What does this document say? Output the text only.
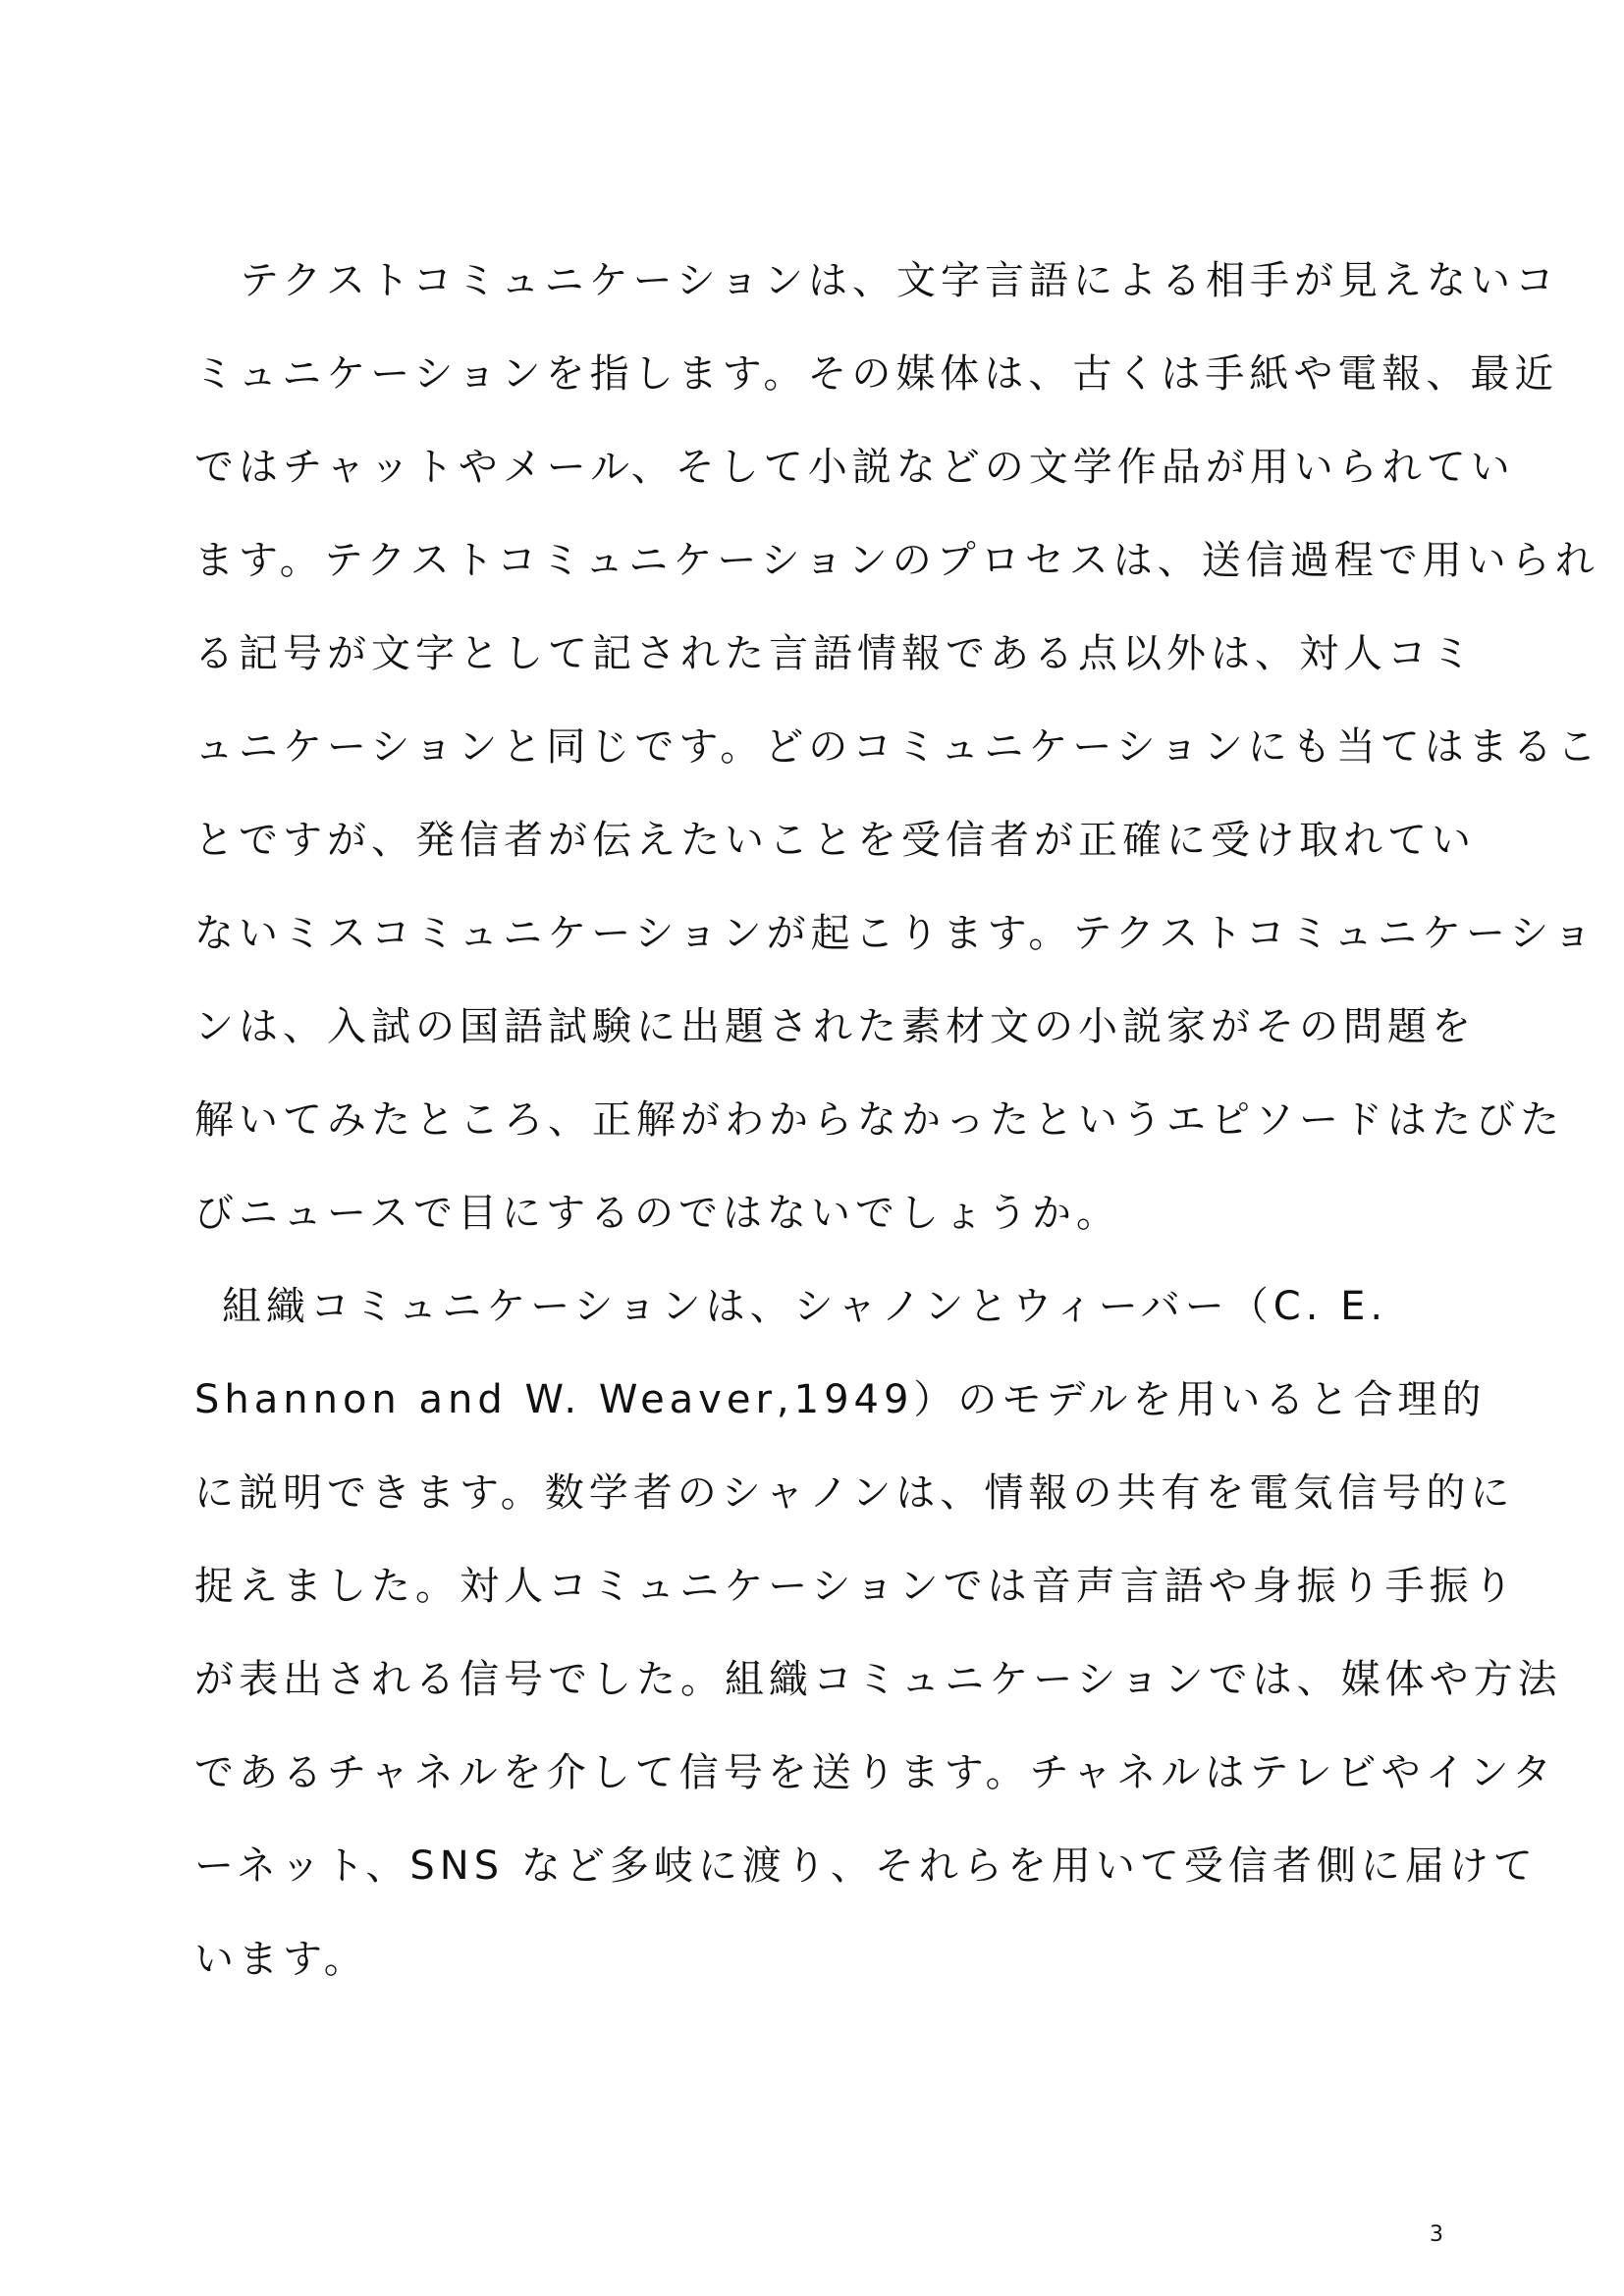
テクストコミュニケーションは、文字言語による相手が見えないコ
ミュニケーションを指します。その媒体は、古くは手紙や電報、最近
ではチャットやメール、そして小説などの文学作品が用いられてい
ます。テクストコミュニケーションのプロセスは、送信過程で用いられ
る記号が文字として記された言語情報である点以外は、対人コミ
ュニケーションと同じです。どのコミュニケーションにも当てはまるこ
とですが、発信者が伝えたいことを受信者が正確に受け取れてい
ないミスコミュニケーションが起こります。テクストコミュニケーショ
ンは、入試の国語試験に出題された素材文の小説家がその問題を
解いてみたところ、正解がわからなかったというエピソードはたびた
びニュースで目にするのではないでしょうか。
組織コミュニケーションは、シャノンとウィーバー（C. E.
Shannon and W. Weaver,1949）のモデルを用いると合理的
に説明できます。数学者のシャノンは、情報の共有を電気信号的に
捉えました。対人コミュニケーションでは音声言語や身振り手振り
が表出される信号でした。組織コミュニケーションでは、媒体や方法
であるチャネルを介して信号を送ります。チャネルはテレビやインタ
ーネット、SNS など多岐に渡り、それらを用いて受信者側に届けて
います。
3
